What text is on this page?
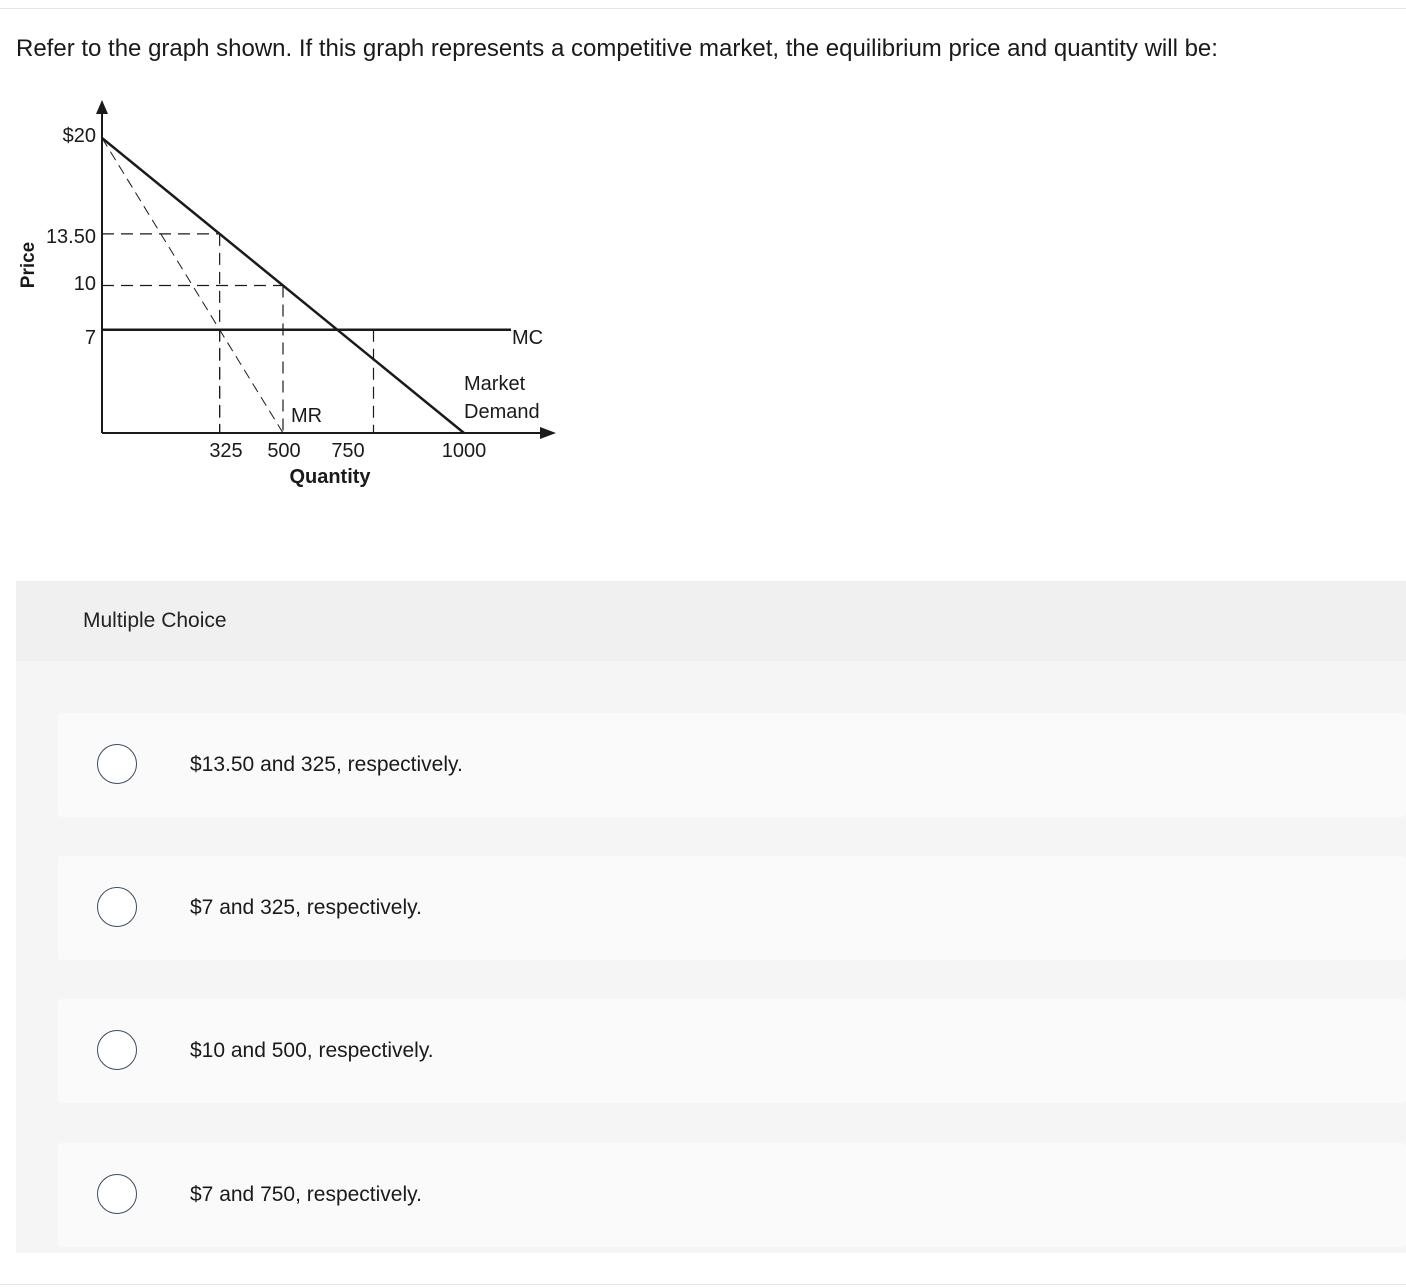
Refer to the graph shown. If this graph represents a competitive market, the equilibrium price and quantity will be:
Price
Quantity
$20
13.50
10
7
325 500 750	1000
MC
Market
Demand
MR
Multiple Choice
$13.50 and 325, respectively.
$7 and 325, respectively.
$10 and 500, respectively.
$7 and 750, respectively.
